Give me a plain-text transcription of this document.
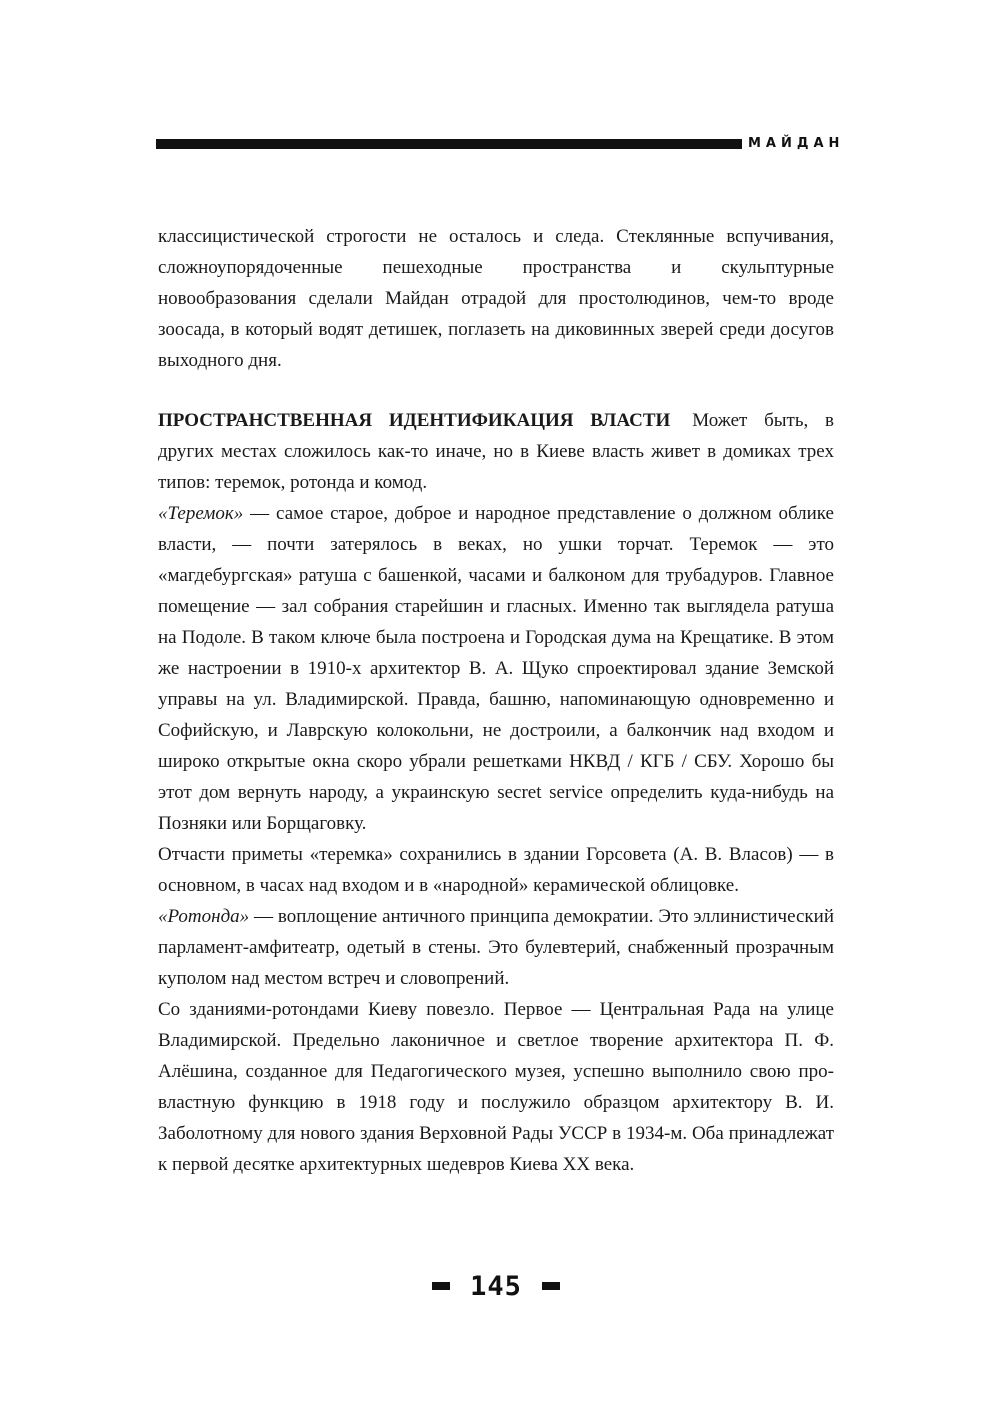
МАЙДАН

классицистической строгости не осталось и следа. Стеклянные вспучивания, сложноупорядоченные пешеходные пространства и скульптурные новообразования сделали Майдан отрадой для простолюдинов, чем-то вроде зоосада, в который водят детишек, поглазеть на диковинных зверей среди досугов выходного дня.

ПРОСТРАНСТВЕННАЯ ИДЕНТИФИКАЦИЯ ВЛАСТИ Может быть, в других местах сложилось как-то иначе, но в Киеве власть живет в домиках трех типов: теремок, ротонда и комод.

«Теремок» — самое старое, доброе и народное представление о должном облике власти, — почти затерялось в веках, но ушки торчат. Теремок — это «магдебургская» ратуша с башенкой, часами и балконом для трубадуров. Главное помещение — зал собрания старейшин и гласных. Именно так выглядела ратуша на Подоле. В таком ключе была построена и Городская дума на Крещатике. В этом же настроении в 1910-х архитектор В. А. Щуко спроектировал здание Земской управы на ул. Владимирской. Правда, башню, напоминающую одновременно и Софийскую, и Лаврскую колокольни, не достроили, а балкончик над входом и широко открытые окна скоро убрали решетками НКВД / КГБ / СБУ. Хорошо бы этот дом вернуть народу, а украинскую secret service определить куда-нибудь на Позняки или Борщаговку.

Отчасти приметы «теремка» сохранились в здании Горсовета (А. В. Власов) — в основном, в часах над входом и в «народной» керамической облицовке.

«Ротонда» — воплощение античного принципа демократии. Это эллинистический парламент-амфитеатр, одетый в стены. Это булевтерий, снабженный прозрачным куполом над местом встреч и словопрений.

Со зданиями-ротондами Киеву повезло. Первое — Центральная Рада на улице Владимирской. Предельно лаконичное и светлое творение архитектора П. Ф. Алёшина, созданное для Педагогического музея, успешно выполнило свою про-властную функцию в 1918 году и послужило образцом архитектору В. И. Заболотному для нового здания Верховной Рады УССР в 1934-м. Оба принадлежат к первой десятке архитектурных шедевров Киева XX века.

145
